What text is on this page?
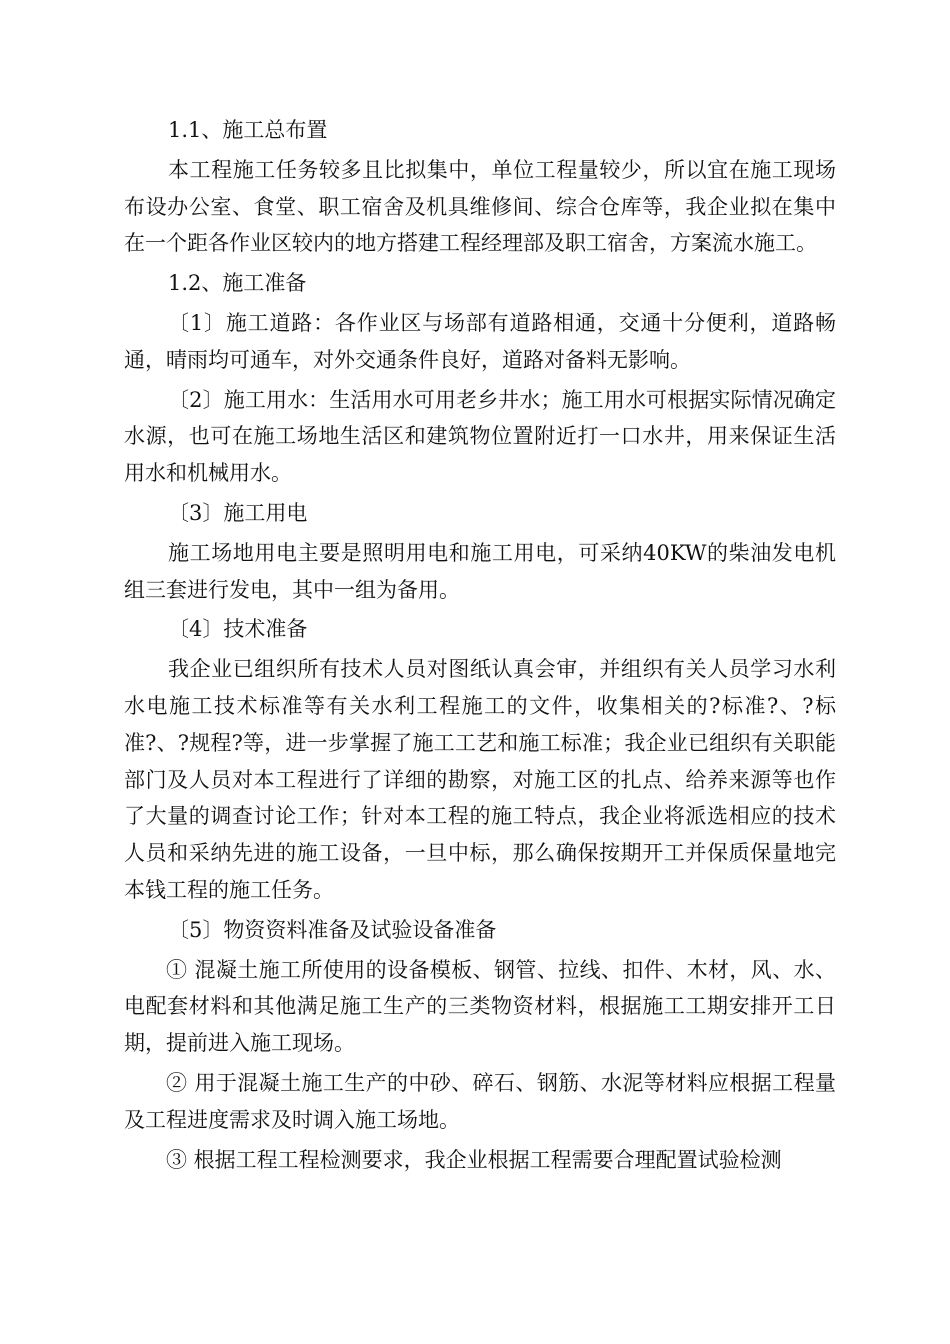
1.1、施工总布置

本工程施工任务较多且比拟集中，单位工程量较少，所以宜在施工现场布设办公室、食堂、职工宿舍及机具维修间、综合仓库等，我企业拟在集中在一个距各作业区较内的地方搭建工程经理部及职工宿舍，方案流水施工。

1.2、施工准备

〔1〕施工道路：各作业区与场部有道路相通，交通十分便利，道路畅通，晴雨均可通车，对外交通条件良好，道路对备料无影响。

〔2〕施工用水：生活用水可用老乡井水；施工用水可根据实际情况确定水源，也可在施工场地生活区和建筑物位置附近打一口水井，用来保证生活用水和机械用水。

〔3〕施工用电

施工场地用电主要是照明用电和施工用电，可采纳40KW的柴油发电机组三套进行发电，其中一组为备用。

〔4〕技术准备

我企业已组织所有技术人员对图纸认真会审，并组织有关人员学习水利水电施工技术标准等有关水利工程施工的文件，收集相关的?标准?、?标准?、?规程?等，进一步掌握了施工工艺和施工标准；我企业已组织有关职能部门及人员对本工程进行了详细的勘察，对施工区的扎点、给养来源等也作了大量的调查讨论工作；针对本工程的施工特点，我企业将派选相应的技术人员和采纳先进的施工设备，一旦中标，那么确保按期开工并保质保量地完本钱工程的施工任务。

〔5〕物资资料准备及试验设备准备

① 混凝土施工所使用的设备模板、钢管、拉线、扣件、木材，风、水、电配套材料和其他满足施工生产的三类物资材料，根据施工工期安排开工日期，提前进入施工现场。

② 用于混凝土施工生产的中砂、碎石、钢筋、水泥等材料应根据工程量及工程进度需求及时调入施工场地。

③ 根据工程工程检测要求，我企业根据工程需要合理配置试验检测
